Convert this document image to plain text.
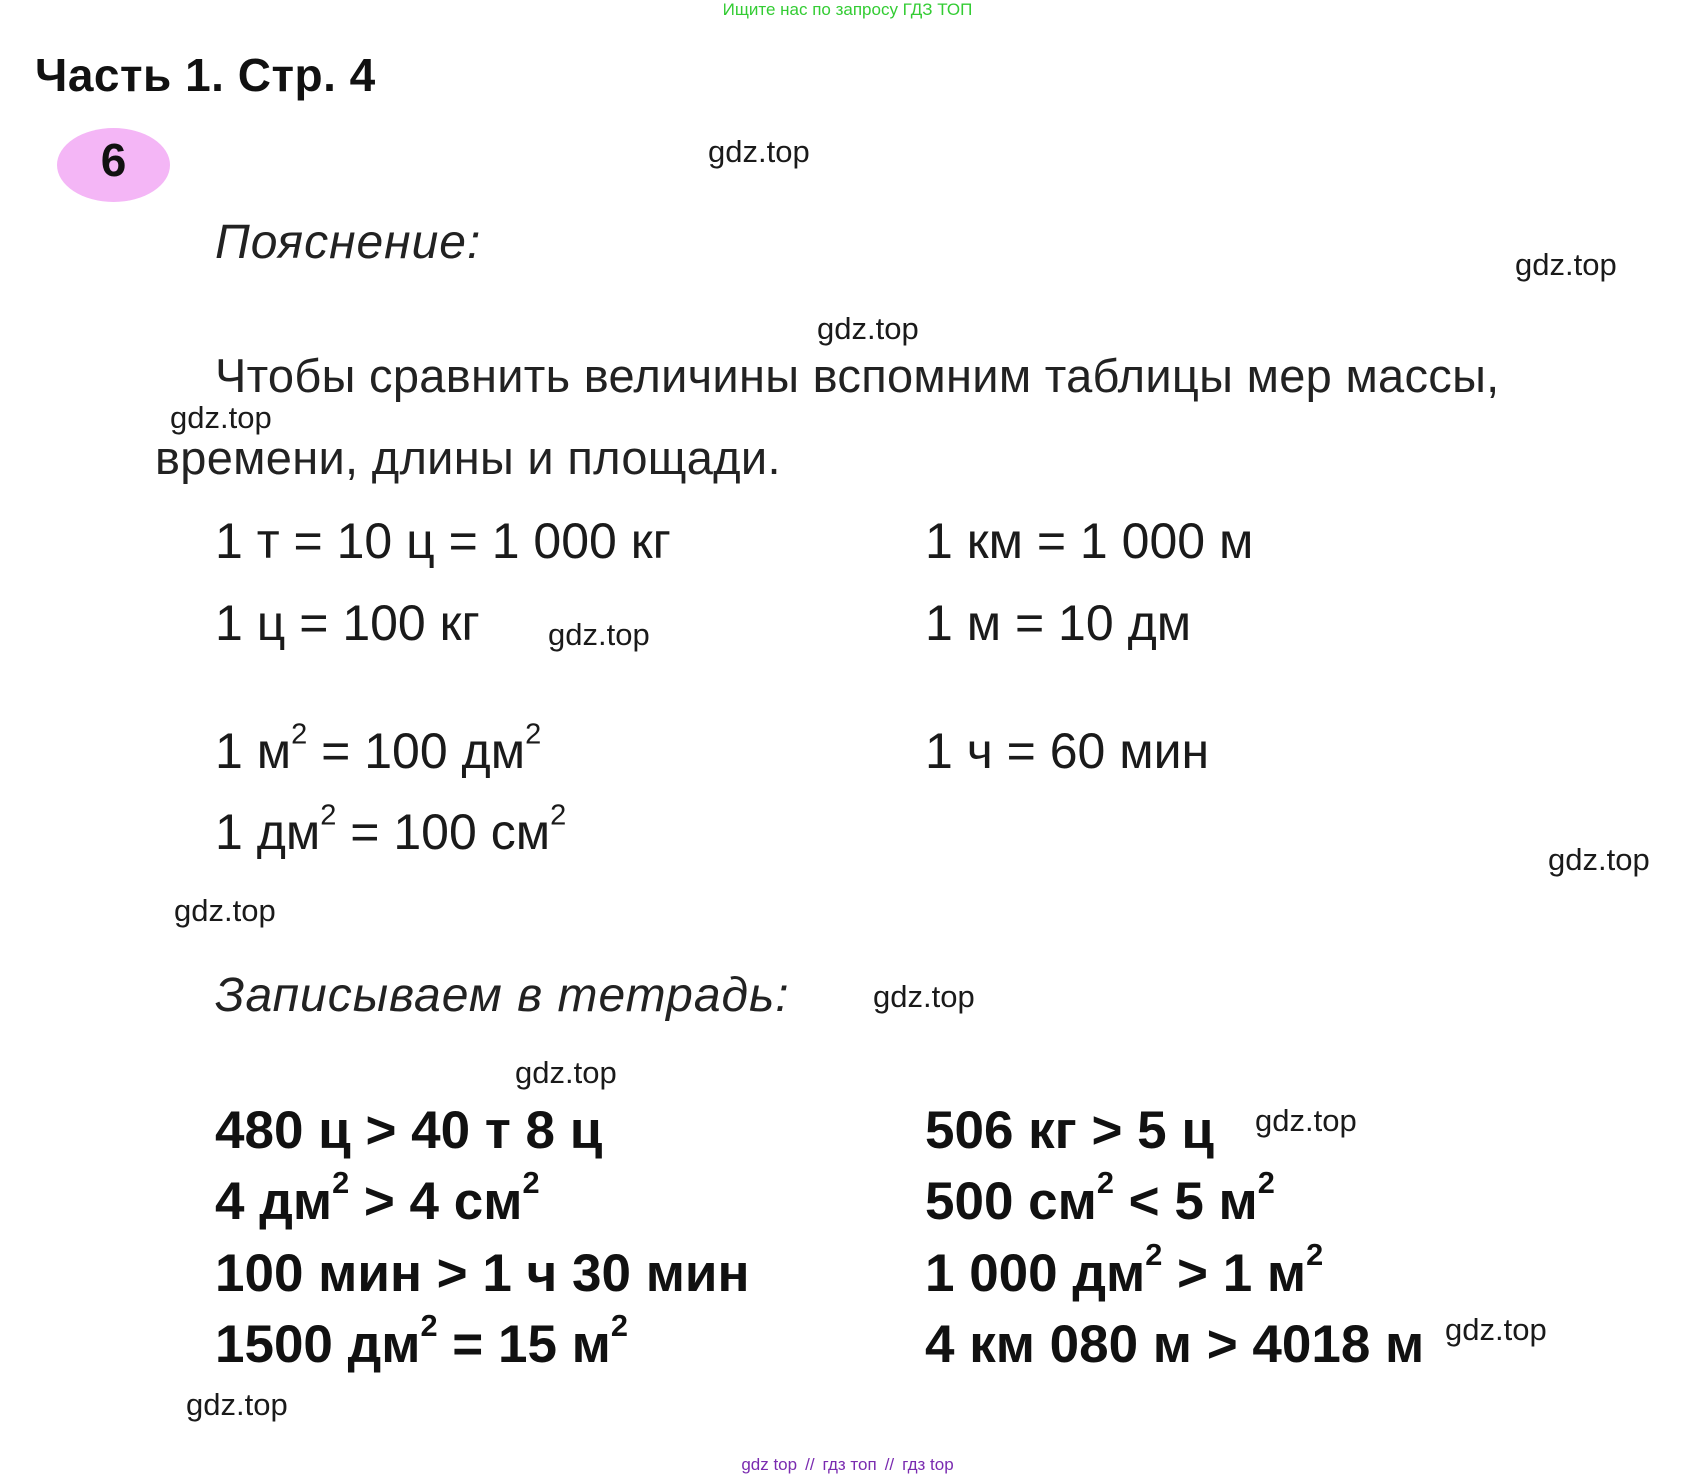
Ищите нас по запросу ГДЗ ТОП
Часть 1. Стр. 4
6
Пояснение:
Чтобы сравнить величины вспомним таблицы мер массы,
времени, длины и площади.
1 т = 10 ц = 1 000 кг
1 ц = 100 кг
1 $м^2 = 100$ $дм^2$
1 $дм^2 = 100$ $см^2$
1 км = 1 000 м
1 м = 10 дм
1 ч = 60 мин
Записываем в тетрадь:
480 ц > 40 т 8 ц
4 $дм^2 > 4$ $см^2$
100 мин > 1 ч 30 мин
1500 $дм^2 = 15$ $м^2$
506 кг > 5 ц
500 $см^2 < 5$ $м^2$
1 000 $дм^2 > 1$ $м^2$
4 км 080 м > 4018 м
gdz.top
gdz.top
gdz.top
gdz.top
gdz.top
gdz.top
gdz.top
gdz.top
gdz.top
gdz.top
gdz.top
gdz.top
gdz top // гдз топ // гдз top
